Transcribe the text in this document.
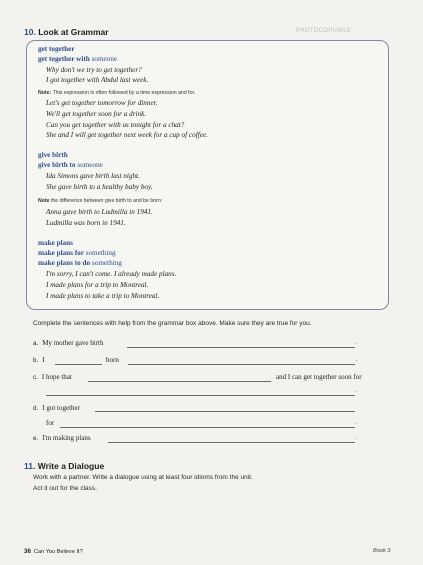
10. Look at Grammar	PHOTOCOPIABLE
get together
get together with someone
Why don't we try to get together?
I got together with Abdul last week.
Note: This expression is often followed by a time expression and for.
Let's get together tomorrow for dinner.
We'll get together soon for a drink.
Can you get together with us tonight for a chat?
She and I will get together next week for a cup of coffee.
give birth
give birth to someone
Ida Simons gave birth last night.
She gave birth to a healthy baby boy.
Note the difference between give birth to and be born:
Anna gave birth to Ludmilla in 1941.
Ludmilla was born in 1941.
make plans
make plans for something
make plans to do something
I'm sorry, I can't come. I already made plans.
I made plans for a trip to Montreal.
I made plans to take a trip to Montreal.
Complete the sentences with help from the grammar box above. Make sure they are true for you.
a. My mother gave birth	.
b. I	born	.
c. I hope that	and I can get together soon for
.
d. I got together
for	.
e. I'm making plans	.
11. Write a Dialogue
Work with a partner. Write a dialogue using at least four idioms from the unit.
Act it out for the class.
36 Can You Believe It?	Book 3
